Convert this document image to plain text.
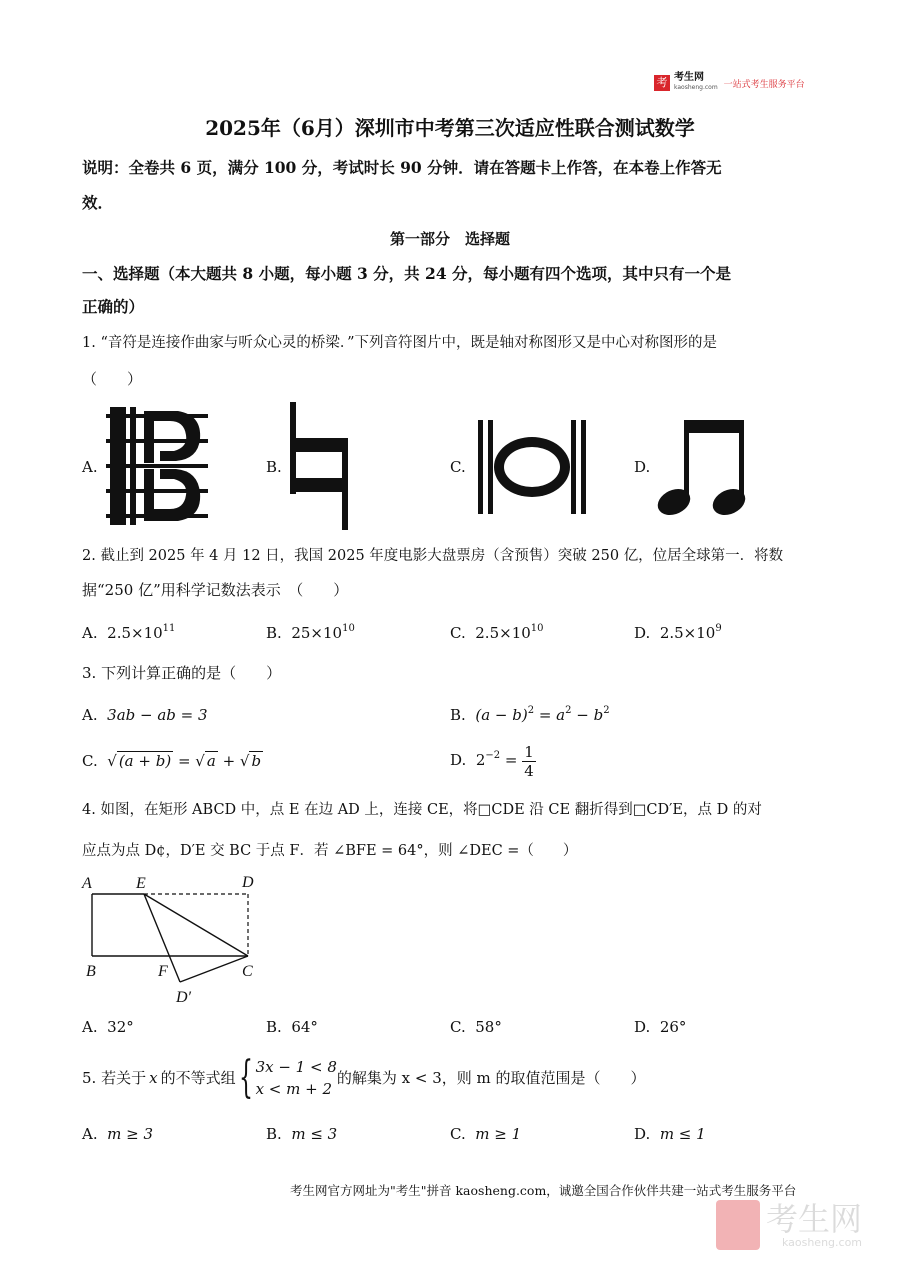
考 考生网
kaosheng.com 一站式考生服务平台
2025年（6月）深圳市中考第三次适应性联合测试数学
说明：全卷共 6 页，满分 100 分，考试时长 90 分钟．请在答题卡上作答，在本卷上作答无
效．
第一部分　选择题
一、选择题（本大题共 8 小题，每小题 3 分，共 24 分，每小题有四个选项，其中只有一个是
正确的）
1. “音符是连接作曲家与听众心灵的桥梁．”下列音符图片中，既是轴对称图形又是中心对称图形的是
（　　）
A.	B.	C.	D.
2. 截止到 2025 年 4 月 12 日，我国 2025 年度电影大盘票房（含预售）突破 250 亿，位居全球第一．将数
据“250 亿”用科学记数法表示　（　　）
A. $2.5\times 10^{11}$	B. $25\times 10^{10}$	C. $2.5\times 10^{10}$	D. $2.5\times 10^9$
3. 下列计算正确的是（　　）
A. 3ab − ab = 3	B. $(a - b)^2 = a^2 - b^2$
C. √ (a + b) = √ a + √ b	D. $2^{-2} = \frac{1}{4}$
4. 如图，在矩形 ABCD 中，点 E 在边 AD 上，连接 CE，将□CDE 沿 CE 翻折得到□CD′E，点 D 的对
应点为点 D¢，D′E 交 BC 于点 F．若 ∠BFE = 64°，则 ∠DEC =（　　）
A	E	D
B	F	C
D′
A. 32°	B. 64°	C. 58°	D. 26°
5. 若关于 x 的不等式组 { 3x − 1 < 8
x < m + 2
的解集为 x < 3，则 m 的取值范围是（　　）
A. m ≥ 3	B. m ≤ 3	C. m ≥ 1	D. m ≤ 1
考生网官方网址为"考生"拼音 kaosheng.com，诚邀全国合作伙伴共建一站式考生服务平台
考生网
kaosheng.com
